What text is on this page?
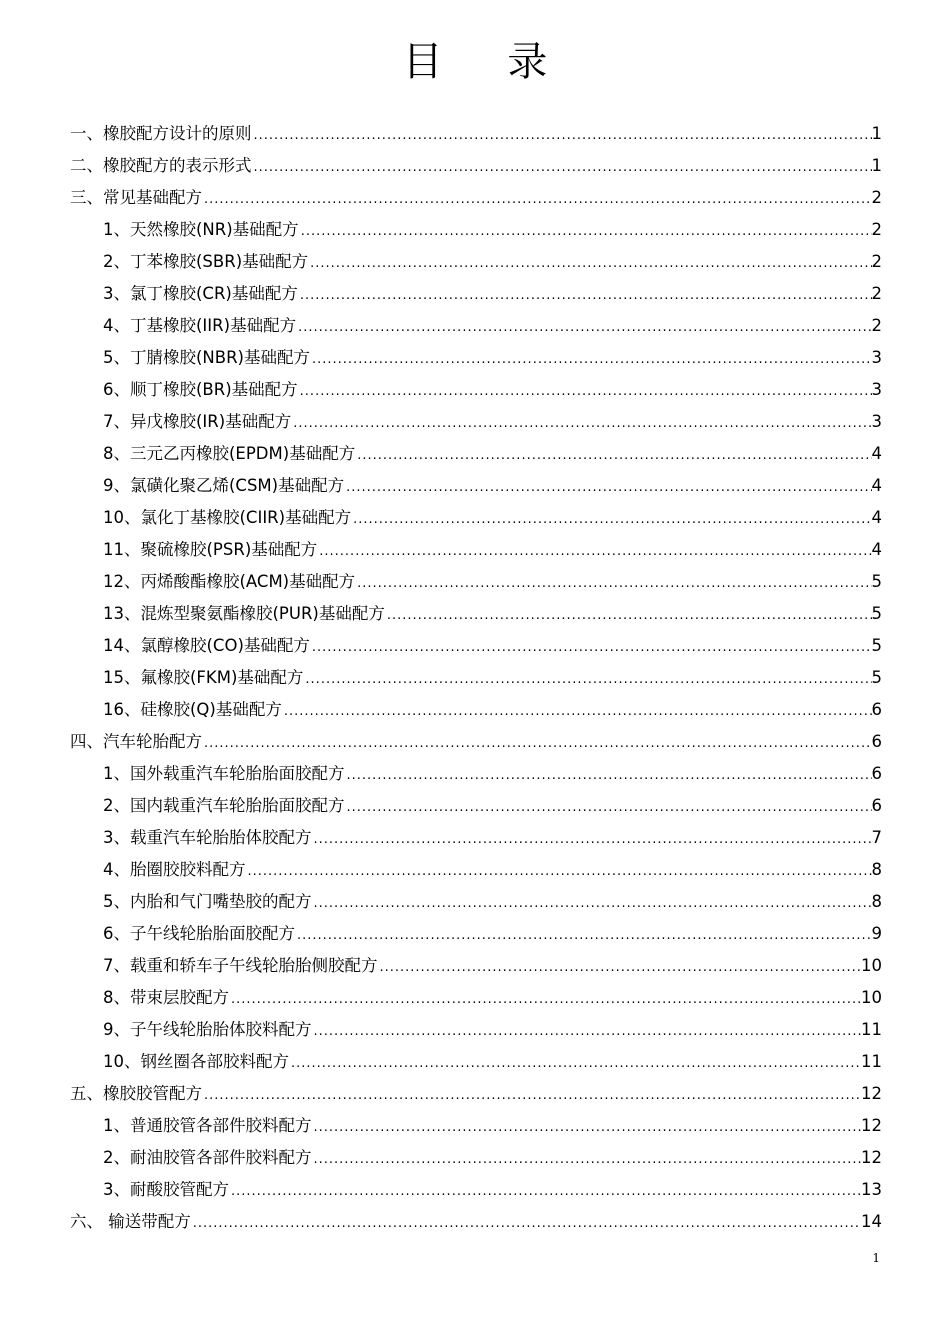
目 录
一、橡胶配方设计的原则 .....	1
二、橡胶配方的表示形式 .....	1
三、常见基础配方 .....	2
1、天然橡胶(NR)基础配方 .....	2
2、丁苯橡胶(SBR)基础配方 .....	2
3、氯丁橡胶(CR)基础配方 .....	2
4、丁基橡胶(IIR)基础配方 .....	2
5、丁腈橡胶(NBR)基础配方 .....	3
6、顺丁橡胶(BR)基础配方 .....	3
7、异戊橡胶(IR)基础配方 .....	3
8、三元乙丙橡胶(EPDM)基础配方 .....	4
9、氯磺化聚乙烯(CSM)基础配方 .....	4
10、氯化丁基橡胶(CIIR)基础配方 .....	4
11、聚硫橡胶(PSR)基础配方 .....	4
12、丙烯酸酯橡胶(ACM)基础配方 .....	5
13、混炼型聚氨酯橡胶(PUR)基础配方 .....	5
14、氯醇橡胶(CO)基础配方 .....	5
15、氟橡胶(FKM)基础配方 .....	5
16、硅橡胶(Q)基础配方 .....	6
四、汽车轮胎配方 .....	6
1、国外载重汽车轮胎胎面胶配方 .....	6
2、国内载重汽车轮胎胎面胶配方 .....	6
3、载重汽车轮胎胎体胶配方 .....	7
4、胎圈胶胶料配方 .....	8
5、内胎和气门嘴垫胶的配方 .....	8
6、子午线轮胎胎面胶配方 .....	9
7、载重和轿车子午线轮胎胎侧胶配方 .....	10
8、带束层胶配方 .....	10
9、子午线轮胎胎体胶料配方 .....	11
10、钢丝圈各部胶料配方 .....	11
五、橡胶胶管配方 .....	12
1、普通胶管各部件胶料配方 .....	12
2、耐油胶管各部件胶料配方 .....	12
3、耐酸胶管配方 .....	13
六、 输送带配方 .....	14
1
